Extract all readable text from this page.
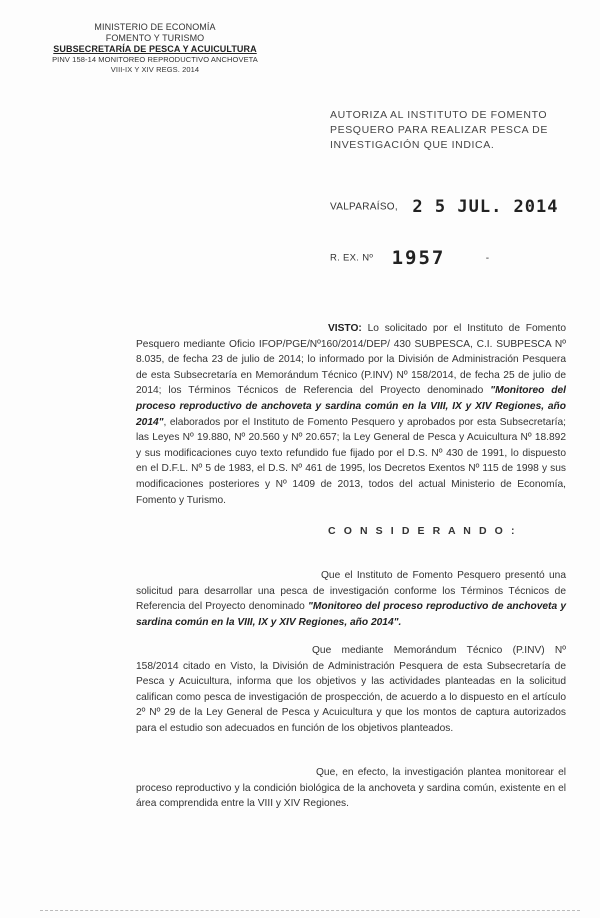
MINISTERIO DE ECONOMÍA
FOMENTO Y TURISMO
SUBSECRETARÍA DE PESCA Y ACUICULTURA
PINV 158-14 MONITOREO REPRODUCTIVO ANCHOVETA
VIII-IX Y XIV REGS. 2014
AUTORIZA AL INSTITUTO DE FOMENTO PESQUERO PARA REALIZAR PESCA DE INVESTIGACIÓN QUE INDICA.
VALPARAÍSO, 2 5 JUL. 2014
R. EX. Nº 1957	-
VISTO: Lo solicitado por el Instituto de Fomento Pesquero mediante Oficio IFOP/PGE/Nº160/2014/DEP/ 430 SUBPESCA, C.I. SUBPESCA Nº 8.035, de fecha 23 de julio de 2014; lo informado por la División de Administración Pesquera de esta Subsecretaría en Memorándum Técnico (P.INV) Nº 158/2014, de fecha 25 de julio de 2014; los Términos Técnicos de Referencia del Proyecto denominado "Monitoreo del proceso reproductivo de anchoveta y sardina común en la VIII, IX y XIV Regiones, año 2014", elaborados por el Instituto de Fomento Pesquero y aprobados por esta Subsecretaría; las Leyes Nº 19.880, Nº 20.560 y Nº 20.657; la Ley General de Pesca y Acuicultura Nº 18.892 y sus modificaciones cuyo texto refundido fue fijado por el D.S. Nº 430 de 1991, lo dispuesto en el D.F.L. Nº 5 de 1983, el D.S. Nº 461 de 1995, los Decretos Exentos Nº 115 de 1998 y sus modificaciones posteriores y Nº 1409 de 2013, todos del actual Ministerio de Economía, Fomento y Turismo.
C O N S I D E R A N D O :
Que el Instituto de Fomento Pesquero presentó una solicitud para desarrollar una pesca de investigación conforme los Términos Técnicos de Referencia del Proyecto denominado "Monitoreo del proceso reproductivo de anchoveta y sardina común en la VIII, IX y XIV Regiones, año 2014".
Que mediante Memorándum Técnico (P.INV) Nº 158/2014 citado en Visto, la División de Administración Pesquera de esta Subsecretaría de Pesca y Acuicultura, informa que los objetivos y las actividades planteadas en la solicitud califican como pesca de investigación de prospección, de acuerdo a lo dispuesto en el artículo 2º Nº 29 de la Ley General de Pesca y Acuicultura y que los montos de captura autorizados para el estudio son adecuados en función de los objetivos planteados.
Que, en efecto, la investigación plantea monitorear el proceso reproductivo y la condición biológica de la anchoveta y sardina común, existente en el área comprendida entre la VIII y XIV Regiones.
